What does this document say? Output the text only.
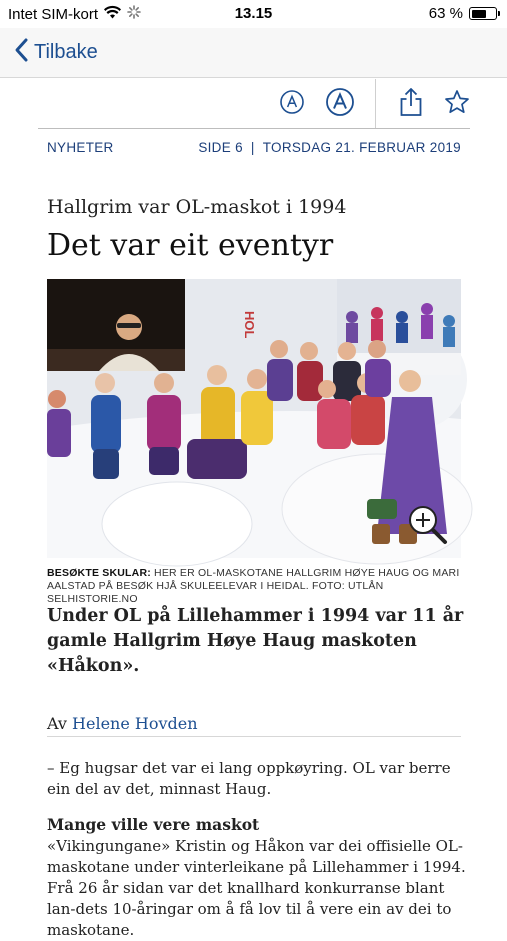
Intet SIM-kort	13.15	63 %
Tilbake
NYHETER	SIDE 6 | TORSDAG 21. FEBRUAR 2019
Hallgrim var OL-maskot i 1994
Det var eit eventyr
HOL
BESØKTE SKULAR: HER ER OL-MASKOTANE HALLGRIM HØYE HAUG OG MARI AALSTAD PÅ BESØK HJÅ SKULEELEVAR I HEIDAL. FOTO: UTLÅN SELHISTORIE.NO
Under OL på Lillehammer i 1994 var 11 år gamle Hallgrim Høye Haug maskoten «Håkon».
Av Helene Hovden

– Eg hugsar det var ei lang oppkøyring. OL var berre ein del av det, minnast Haug.

Mange ville vere maskot

«Vikingungane» Kristin og Håkon var dei offisielle OL-maskotane under vinterleikane på Lillehammer i 1994. Frå 26 år sidan var det knallhard konkurranse blant lan-dets 10-åringar om å få lov til å vere ein av dei to maskotane.
